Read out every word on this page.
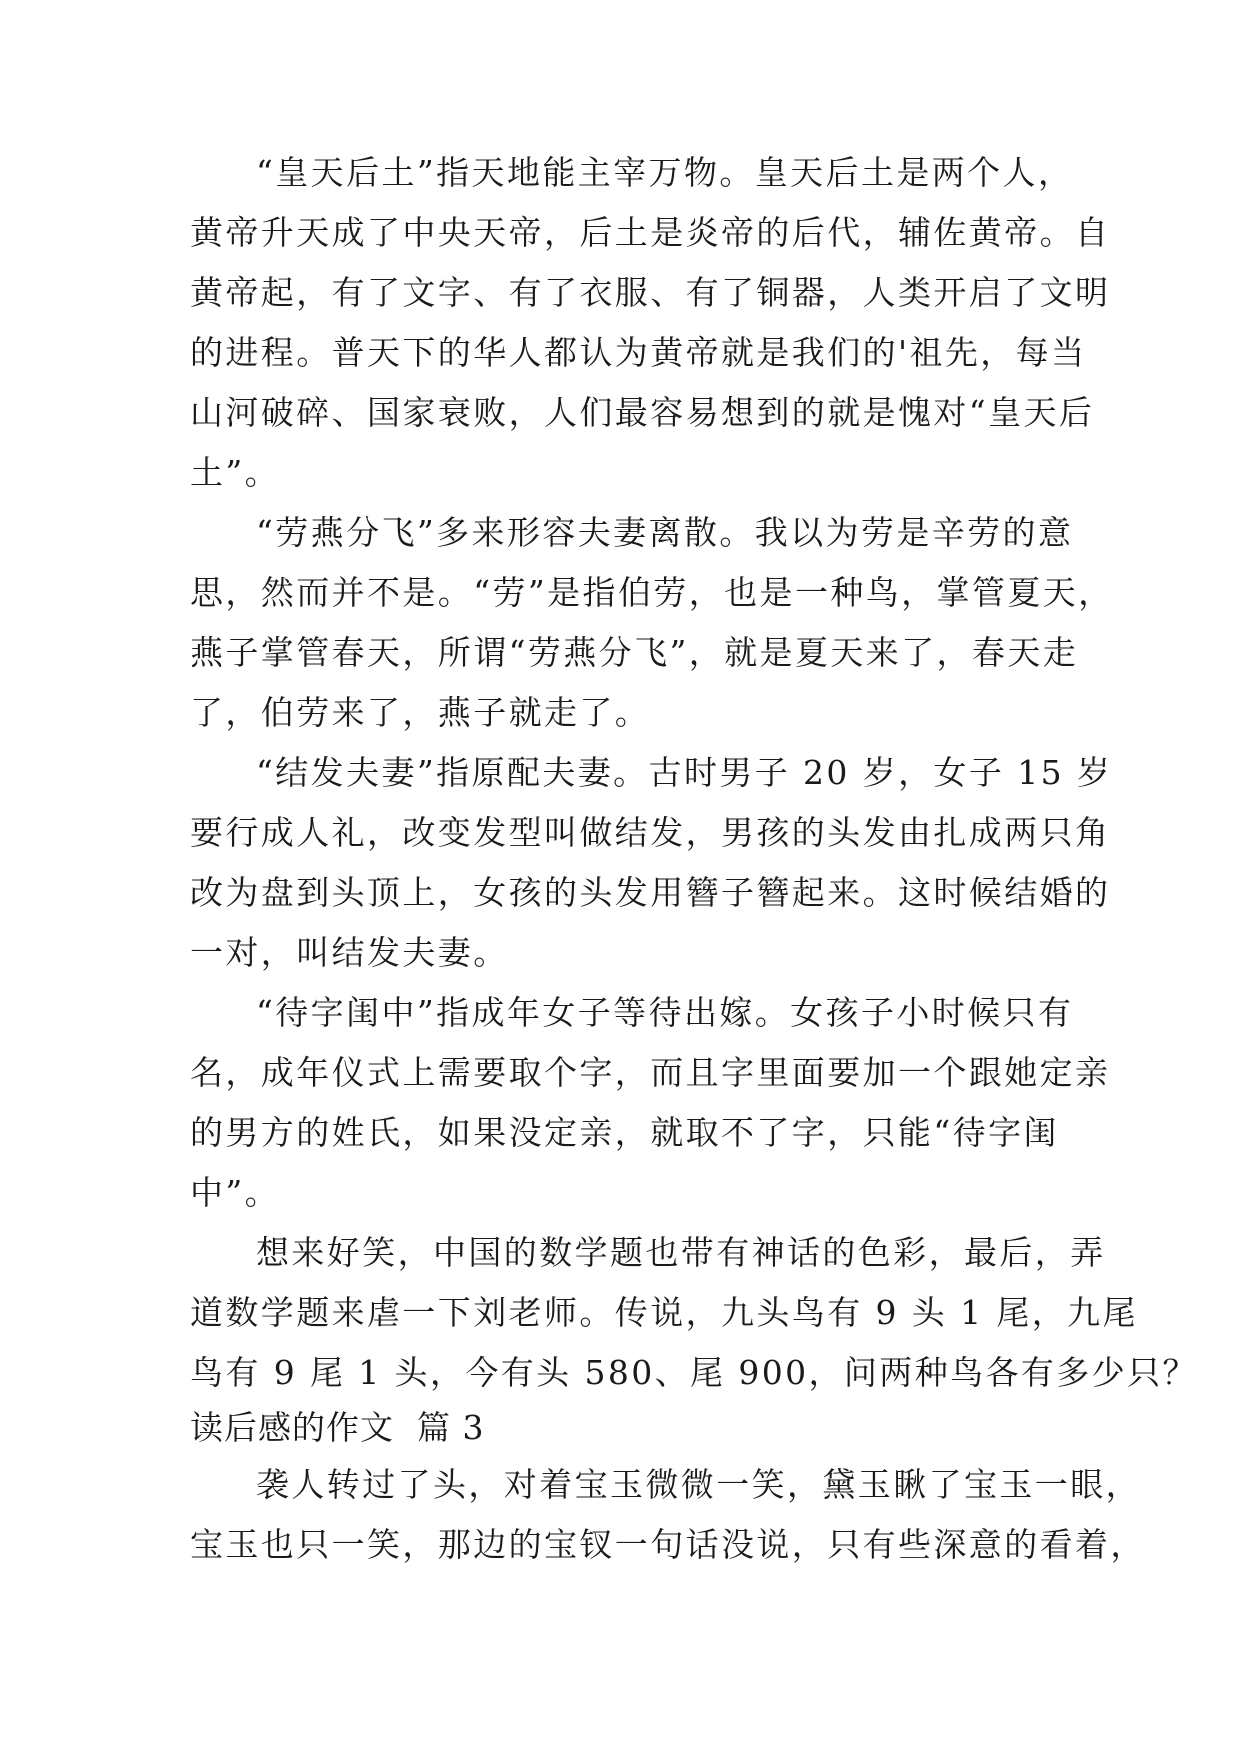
“皇天后土”指天地能主宰万物。皇天后土是两个人，
黄帝升天成了中央天帝，后土是炎帝的后代，辅佐黄帝。自
黄帝起，有了文字、有了衣服、有了铜器，人类开启了文明
的进程。普天下的华人都认为黄帝就是我们的'祖先，每当
山河破碎、国家衰败，人们最容易想到的就是愧对“皇天后
土”。
“劳燕分飞”多来形容夫妻离散。我以为劳是辛劳的意
思，然而并不是。“劳”是指伯劳，也是一种鸟，掌管夏天，
燕子掌管春天，所谓“劳燕分飞”，就是夏天来了，春天走
了，伯劳来了，燕子就走了。
“结发夫妻”指原配夫妻。古时男子 20 岁，女子 15 岁
要行成人礼，改变发型叫做结发，男孩的头发由扎成两只角
改为盘到头顶上，女孩的头发用簪子簪起来。这时候结婚的
一对，叫结发夫妻。
“待字闺中”指成年女子等待出嫁。女孩子小时候只有
名，成年仪式上需要取个字，而且字里面要加一个跟她定亲
的男方的姓氏，如果没定亲，就取不了字，只能“待字闺
中”。
想来好笑，中国的数学题也带有神话的色彩，最后，弄
道数学题来虐一下刘老师。传说，九头鸟有 9 头 1 尾，九尾
鸟有 9 尾 1 头，今有头 580、尾 900，问两种鸟各有多少只？
读后感的作文  篇 3
袭人转过了头，对着宝玉微微一笑，黛玉瞅了宝玉一眼，
宝玉也只一笑，那边的宝钗一句话没说，只有些深意的看着，
